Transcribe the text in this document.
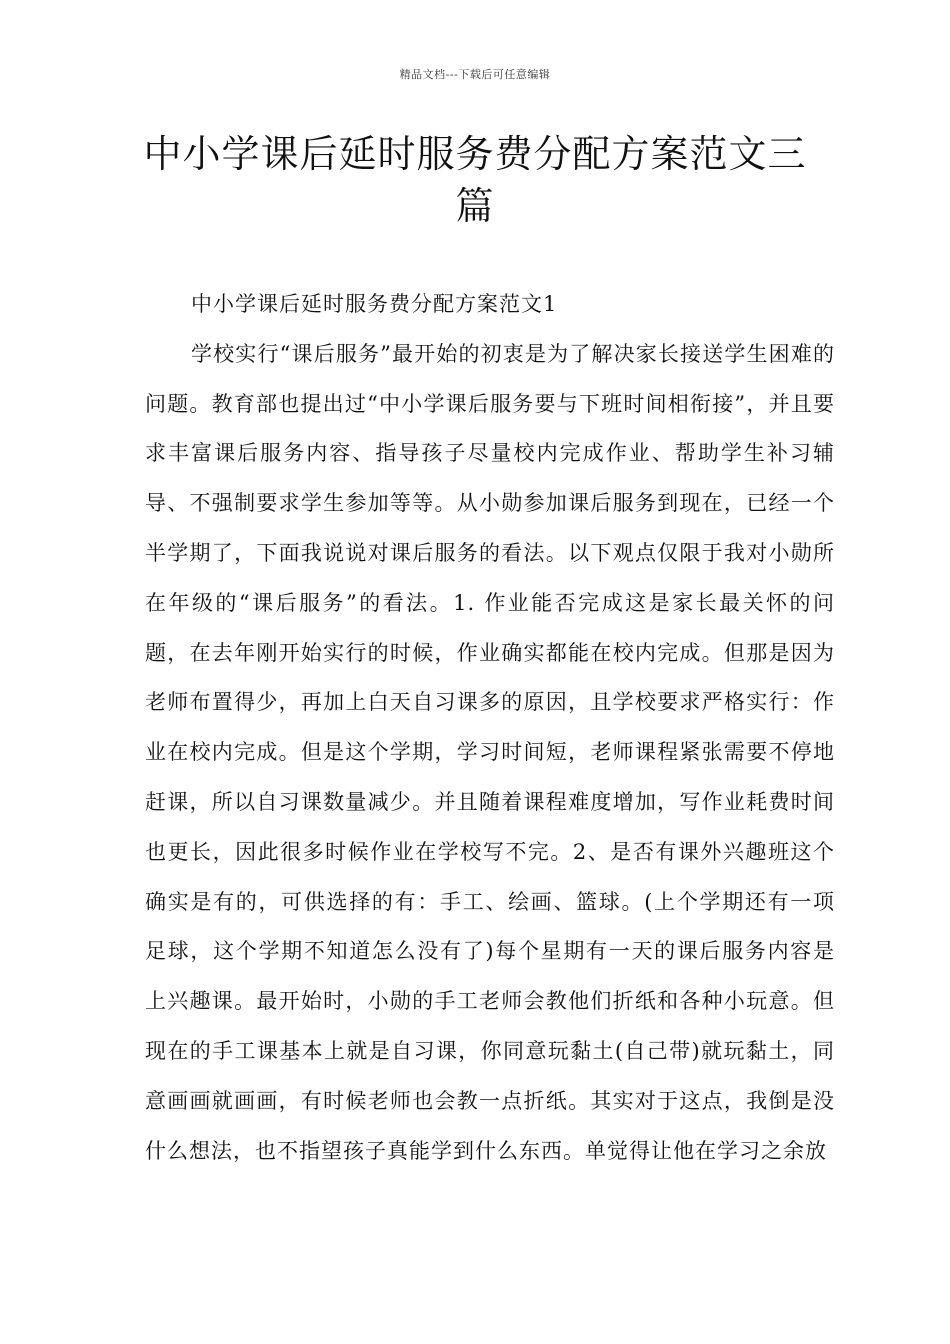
精品文档---下载后可任意编辑
中小学课后延时服务费分配方案范文三篇

中小学课后延时服务费分配方案范文1

学校实行“课后服务”最开始的初衷是为了解决家长接送学生困难的问题。教育部也提出过“中小学课后服务要与下班时间相衔接”，并且要求丰富课后服务内容、指导孩子尽量校内完成作业、帮助学生补习辅导、不强制要求学生参加等等。从小勋参加课后服务到现在，已经一个半学期了，下面我说说对课后服务的看法。以下观点仅限于我对小勋所在年级的“课后服务”的看法。1. 作业能否完成这是家长最关怀的问题，在去年刚开始实行的时候，作业确实都能在校内完成。但那是因为老师布置得少，再加上白天自习课多的原因，且学校要求严格实行：作业在校内完成。但是这个学期，学习时间短，老师课程紧张需要不停地赶课，所以自习课数量减少。并且随着课程难度增加，写作业耗费时间也更长，因此很多时候作业在学校写不完。2、是否有课外兴趣班这个确实是有的，可供选择的有：手工、绘画、篮球。(上个学期还有一项足球，这个学期不知道怎么没有了)每个星期有一天的课后服务内容是上兴趣课。最开始时，小勋的手工老师会教他们折纸和各种小玩意。但现在的手工课基本上就是自习课，你同意玩黏土(自己带)就玩黏土，同意画画就画画，有时候老师也会教一点折纸。其实对于这点，我倒是没什么想法，也不指望孩子真能学到什么东西。单觉得让他在学习之余放
